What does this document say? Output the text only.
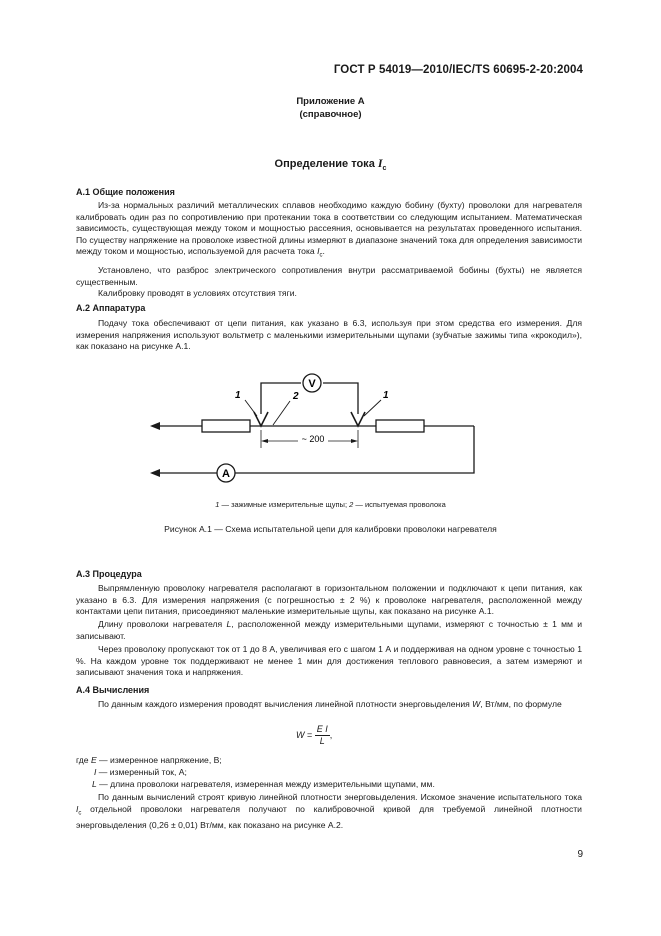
ГОСТ Р 54019—2010/IEC/TS 60695-2-20:2004
Приложение А
(справочное)
Определение тока $I_c$
А.1 Общие положения

Из-за нормальных различий металлических сплавов необходимо каждую бобину (бухту) проволоки для нагревателя калибровать один раз по сопротивлению при протекании тока в соответствии со следующим испытанием. Математическая зависимость, существующая между током и мощностью рассеяния, основывается на результатах проведенного испытания. По существу напряжение на проволоке известной длины измеряют в диапазоне значений тока для определения зависимости между током и мощностью, используемой для расчета тока $I_c$.

Установлено, что разброс электрического сопротивления внутри рассматриваемой бобины (бухты) не является существенным.

Калибровку проводят в условиях отсутствия тяги.

А.2 Аппаратура

Подачу тока обеспечивают от цепи питания, как указано в 6.3, используя при этом средства его измерения. Для измерения напряжения используют вольтметр с маленькими измерительными щупами (зубчатые зажимы типа «крокодил»), как показано на рисунке А.1.

V
1	2	1
~ 200
A
1 — зажимные измерительные щупы; 2 — испытуемая проволока
Рисунок А.1 — Схема испытательной цепи для калибровки проволоки нагревателя
А.3 Процедура

Выпрямленную проволоку нагревателя располагают в горизонтальном положении и подключают к цепи питания, как указано в 6.3. Для измерения напряжения (с погрешностью ± 2 %) к проволоке нагревателя, расположенной между контактами цепи питания, присоединяют маленькие измерительные щупы, как показано на рисунке А.1.

Длину проволоки нагревателя L, расположенной между измерительными щупами, измеряют с точностью ± 1 мм и записывают.

Через проволоку пропускают ток от 1 до 8 А, увеличивая его с шагом 1 А и поддерживая на одном уровне с точностью 1 %. На каждом уровне ток поддерживают не менее 1 мин для достижения теплового равновесия, а затем измеряют и записывают значения тока и напряжения.

А.4 Вычисления

По данным каждого измерения проводят вычисления линейной плотности энерговыделения W, Вт/мм, по формуле

$W = \frac{\text{E I}}{L}$ ,
где E — измеренное напряжение, В;
I — измеренный ток, А;
L — длина проволоки нагревателя, измеренная между измерительными щупами, мм.

По данным вычислений строят кривую линейной плотности энерговыделения. Искомое значение испытательного тока $I_c$ отдельной проволоки нагревателя получают по калибровочной кривой для требуемой линейной плотности энерговыделения (0,26 ± 0,01) Вт/мм, как показано на рисунке А.2.

9
